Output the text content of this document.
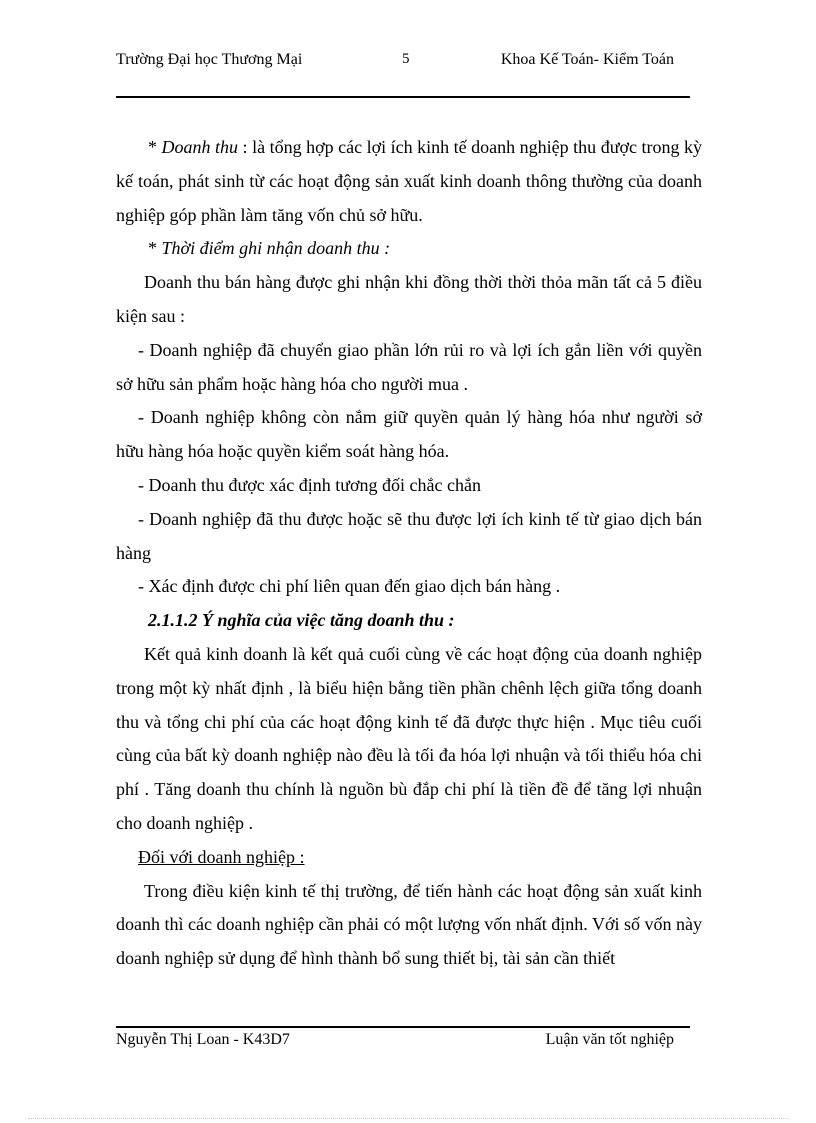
Trường Đại học Thương Mại	5	Khoa Kế Toán- Kiểm Toán

* Doanh thu : là tổng hợp các lợi ích kinh tế doanh nghiệp thu được trong kỳ kế toán, phát sinh từ các hoạt động sản xuất kinh doanh thông thường của doanh nghiệp góp phần làm tăng vốn chủ sở hữu.

* Thời điểm ghi nhận doanh thu :

Doanh thu bán hàng được ghi nhận khi đồng thời thời thỏa mãn tất cả 5 điều kiện sau :

- Doanh nghiệp đã chuyển giao phần lớn rủi ro và lợi ích gắn liền với quyền sở hữu sản phẩm hoặc hàng hóa cho người mua .

- Doanh nghiệp không còn nắm giữ quyền quản lý hàng hóa như người sở hữu hàng hóa hoặc quyền kiểm soát hàng hóa.

- Doanh thu được xác định tương đối chắc chắn

- Doanh nghiệp đã thu được hoặc sẽ thu được lợi ích kinh tế từ giao dịch bán hàng

- Xác định được chi phí liên quan đến giao dịch bán hàng .

2.1.1.2 Ý nghĩa của việc tăng doanh thu :

Kết quả kinh doanh là kết quả cuối cùng về các hoạt động của doanh nghiệp trong một kỳ nhất định , là biểu hiện bằng tiền phần chênh lệch giữa tổng doanh thu và tổng chi phí của các hoạt động kinh tế đã được thực hiện . Mục tiêu cuối cùng của bất kỳ doanh nghiệp nào đều là tối đa hóa lợi nhuận và tối thiểu hóa chi phí . Tăng doanh thu chính là nguồn bù đắp chi phí là tiền đề để tăng lợi nhuận cho doanh nghiệp .

Đối với doanh nghiệp :

Trong điều kiện kinh tế thị trường, để tiến hành các hoạt động sản xuất kinh doanh thì các doanh nghiệp cần phải có một lượng vốn nhất định. Với số vốn này doanh nghiệp sử dụng để hình thành bổ sung thiết bị, tài sản cần thiết

Nguyễn Thị Loan - K43D7	Luận văn tốt nghiệp
